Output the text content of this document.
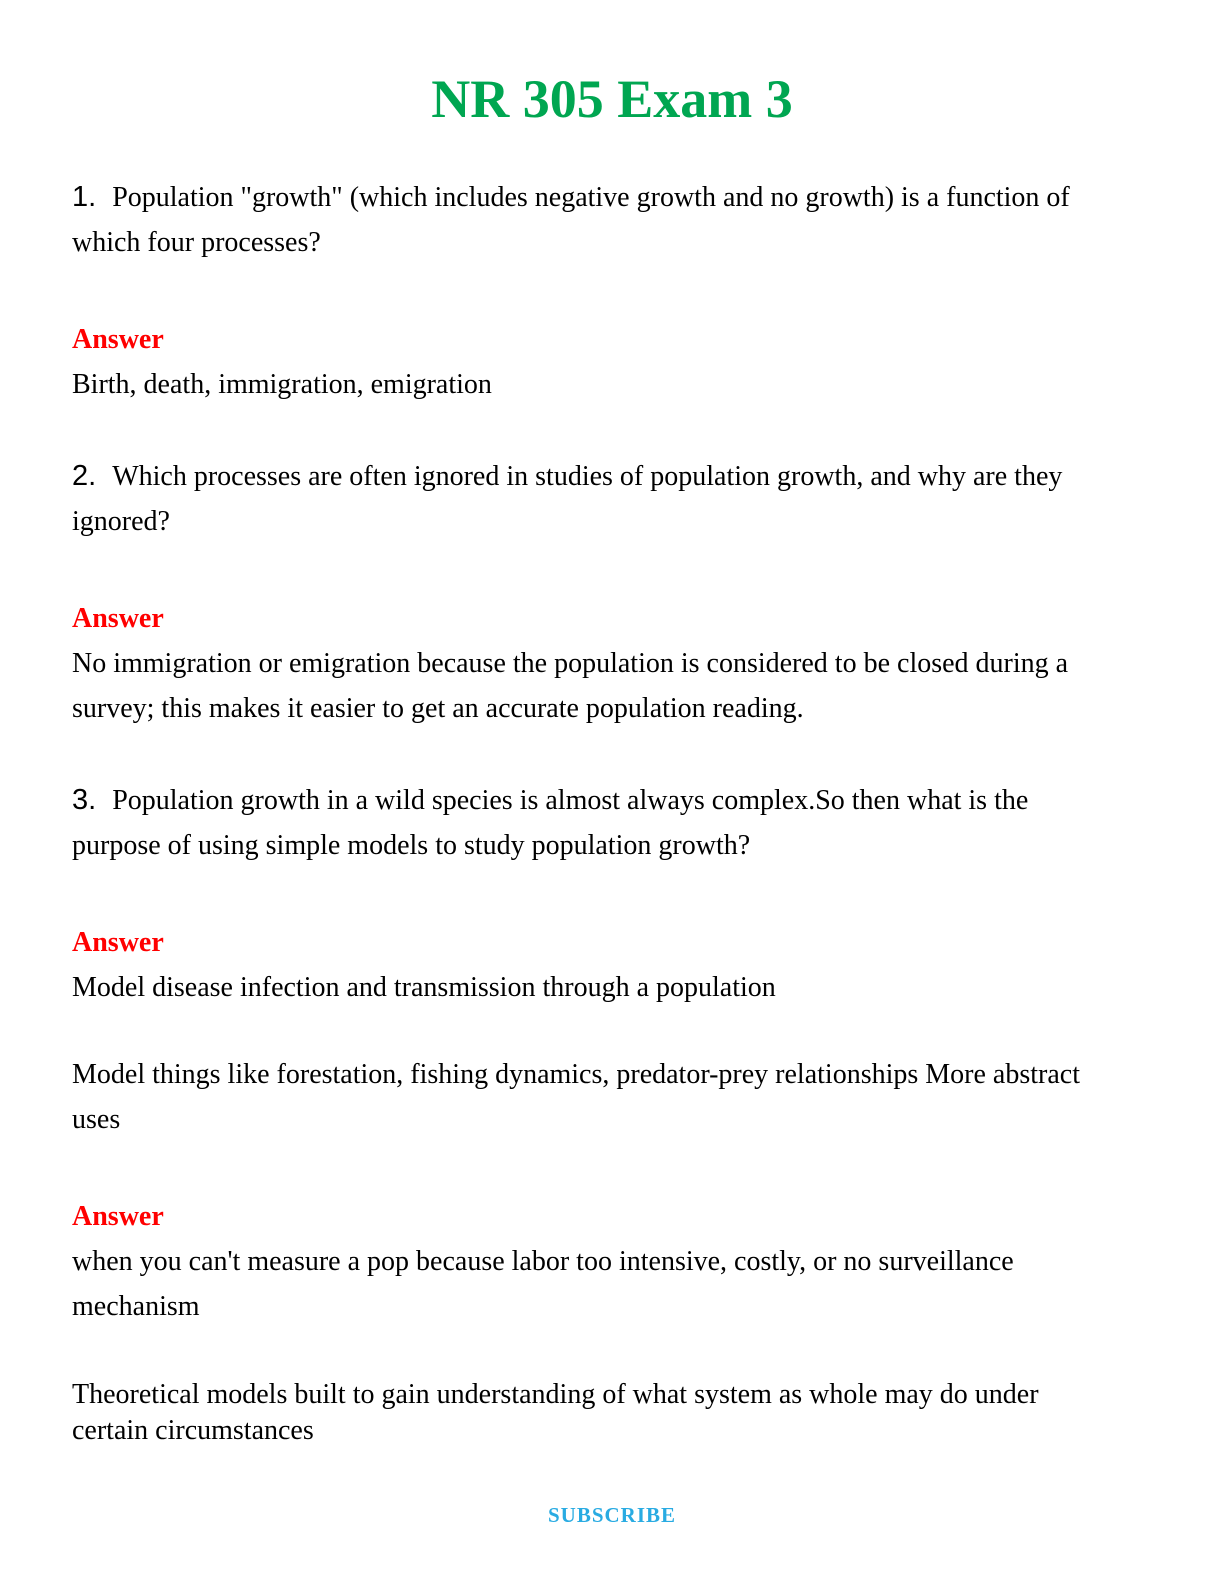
NR 305 Exam 3

1. Population "growth" (which includes negative growth and no growth) is a function of which four processes?

Answer

Birth, death, immigration, emigration

2. Which processes are often ignored in studies of population growth, and why are they ignored?

Answer

No immigration or emigration because the population is considered to be closed during a survey; this makes it easier to get an accurate population reading.

3. Population growth in a wild species is almost always complex.So then what is the purpose of using simple models to study population growth?

Answer

Model disease infection and transmission through a population

Model things like forestation, fishing dynamics, predator-prey relationships More abstract uses

Answer

when you can't measure a pop because labor too intensive, costly, or no surveillance mechanism

Theoretical models built to gain understanding of what system as whole may do under certain circumstances

SUBSCRIBE
